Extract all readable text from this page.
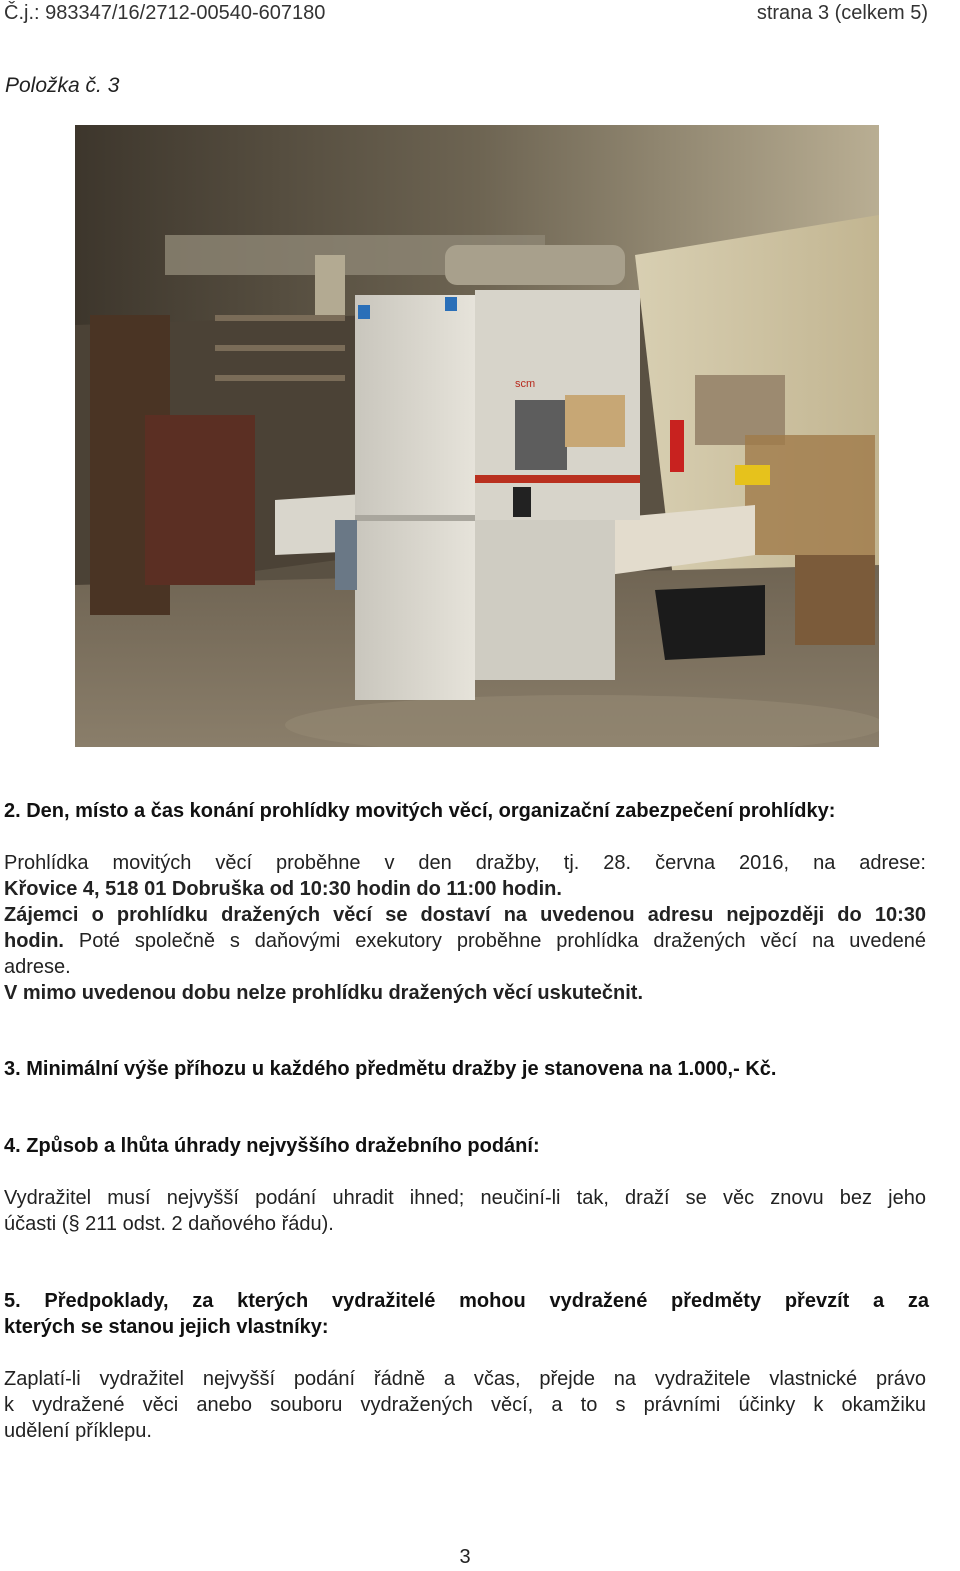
Č.j.: 983347/16/2712-00540-607180	strana 3 (celkem 5)
Položka č. 3
scm
2. Den, místo a čas konání prohlídky movitých věcí, organizační zabezpečení prohlídky:
Prohlídka movitých věcí proběhne v den dražby, tj. 28. června 2016, na adrese:
Křovice 4, 518 01 Dobruška od 10:30 hodin do 11:00 hodin.
Zájemci o prohlídku dražených věcí se dostaví na uvedenou adresu nejpozději do 10:30
hodin. Poté společně s daňovými exekutory proběhne prohlídka dražených věcí na uvedené
adrese.
V mimo uvedenou dobu nelze prohlídku dražených věcí uskutečnit.
3. Minimální výše příhozu u každého předmětu dražby je stanovena na 1.000,- Kč.
4. Způsob a lhůta úhrady nejvyššího dražebního podání:
Vydražitel musí nejvyšší podání uhradit ihned; neučiní-li tak, draží se věc znovu bez jeho
účasti (§ 211 odst. 2 daňového řádu).
5. Předpoklady, za kterých vydražitelé mohou vydražené předměty převzít a za
kterých se stanou jejich vlastníky:
Zaplatí-li vydražitel nejvyšší podání řádně a včas, přejde na vydražitele vlastnické právo
k vydražené věci anebo souboru vydražených věcí, a to s právními účinky k okamžiku
udělení příklepu.
3
